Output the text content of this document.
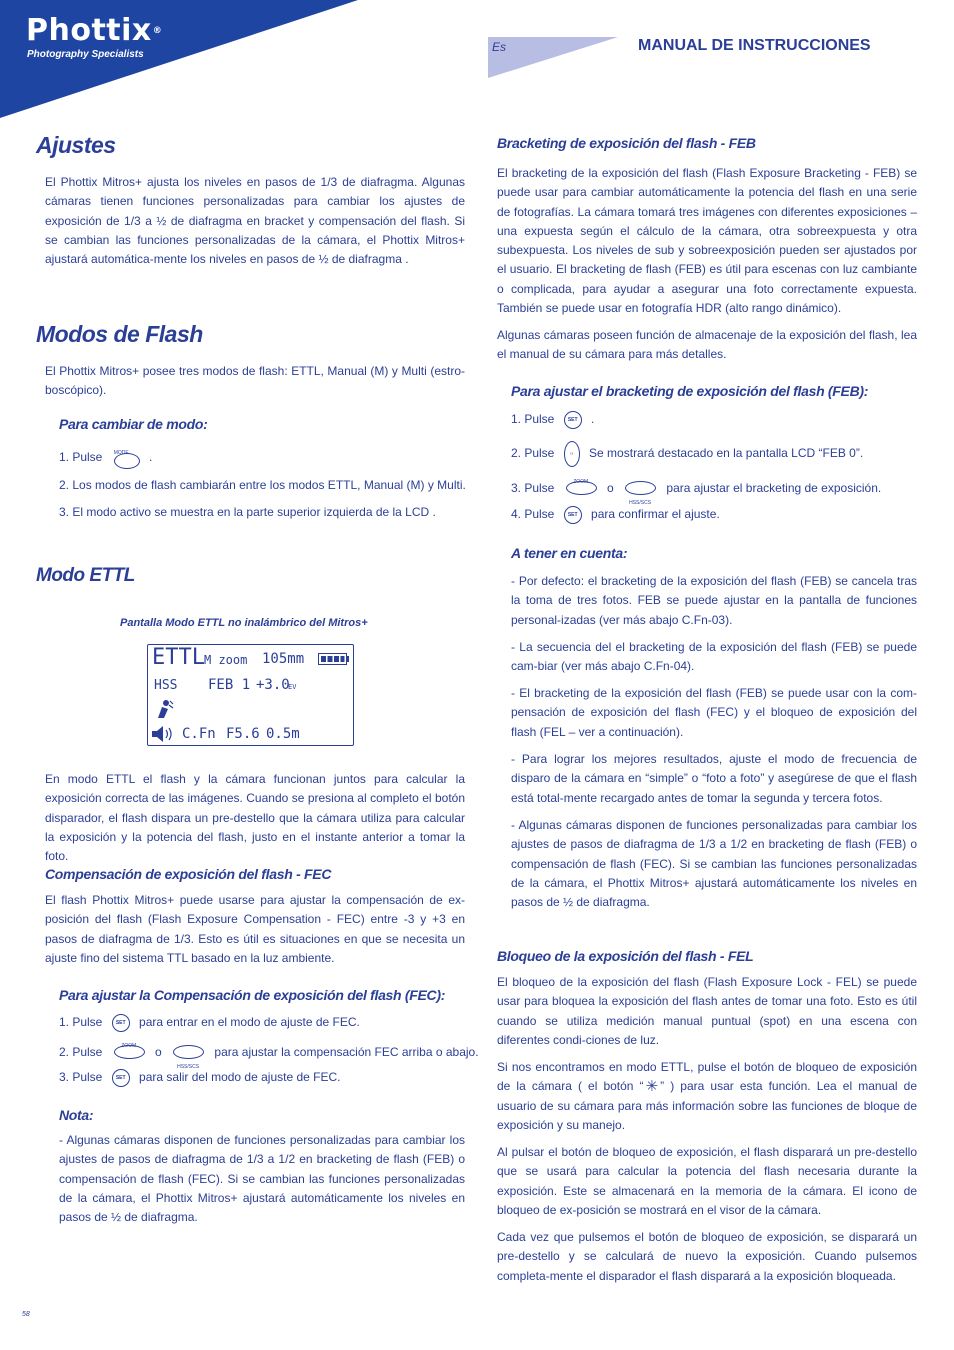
Phottix®
Photography Specialists
Es	MANUAL DE INSTRUCCIONES
Ajustes
El Phottix Mitros+ ajusta los niveles en pasos de 1/3 de diafragma. Algunas cámaras tienen funciones personalizadas para cambiar los ajustes de exposición de 1/3 a ½ de diafragma en bracket y compensación del flash. Si se cambian las funciones personalizadas de la cámara, el Phottix Mitros+ ajustará automática-mente los niveles en pasos de ½ de diafragma .
Modos de Flash
El Phottix Mitros+ posee tres modos de flash: ETTL, Manual (M) y Multi (estro-boscópico).
Para cambiar de modo:
1. Pulse MODE .
2. Los modos de flash cambiarán entre los modos ETTL, Manual (M) y Multi.
3. El modo activo se muestra en la parte superior izquierda de la LCD .
Modo ETTL
Pantalla Modo ETTL no inalámbrico del Mitros+
ETTL M zoom 105mm
HSS FEB 1 +3.0
EV
C.Fn F5.6 0.5m
En modo ETTL el flash y la cámara funcionan juntos para calcular la exposición correcta de las imágenes. Cuando se presiona al completo el botón disparador, el flash dispara un pre-destello que la cámara utiliza para calcular la exposición y la potencia del flash, justo en el instante anterior a tomar la foto.
Compensación de exposición del flash - FEC
El flash Phottix Mitros+ puede usarse para ajustar la compensación de ex-posición del flash (Flash Exposure Compensation - FEC) entre -3 y +3 en pasos de diafragma de 1/3. Esto es útil es situaciones en que se necesita un ajuste fino del sistema TTL basado en la luz ambiente.
Para ajustar la Compensación de exposición del flash (FEC):
1. Pulse	SET para entrar en el modo de ajuste de FEC.
2. Pulse	ZOOM	o
HSS/SCS
para ajustar la compensación FEC arriba o abajo.
3. Pulse	SET para salir del modo de ajuste de FEC.
Nota:
- Algunas cámaras disponen de funciones personalizadas para cambiar los ajustes de pasos de diafragma de 1/3 a 1/2 en bracketing de flash (FEB) o compensación de flash (FEC). Si se cambian las funciones personalizadas de la cámara, el Phottix Mitros+ ajustará automáticamente los niveles en pasos de ½ de diafragma.
Bracketing de exposición del flash - FEB
El bracketing de la exposición del flash (Flash Exposure Bracketing - FEB) se puede usar para cambiar automáticamente la potencia del flash en una serie de fotografías. La cámara tomará tres imágenes con diferentes exposiciones – una expuesta según el cálculo de la cámara, otra sobreexpuesta y otra subexpuesta. Los niveles de sub y sobreexposición pueden ser ajustados por el usuario. El bracketing de flash (FEB) es útil para escenas con luz cambiante o complicada, para ayudar a asegurar una foto correctamente expuesta. También se puede usar en fotografía HDR (alto rango dinámico).
Algunas cámaras poseen función de almacenaje de la exposición del flash, lea el manual de su cámara para más detalles.
Para ajustar el bracketing de exposición del flash (FEB):
1. Pulse	SET .
2. Pulse	‹› Se mostrará destacado en la pantalla LCD “FEB 0”.
3. Pulse	ZOOM	o
HSS/SCS
para ajustar el bracketing de exposición.
4. Pulse	SET para confirmar el ajuste.
A tener en cuenta:
- Por defecto: el bracketing de la exposición del flash (FEB) se cancela tras la toma de tres fotos. FEB se puede ajustar en la pantalla de funciones personal-izadas (ver más abajo C.Fn-03).
- La secuencia del el bracketing de la exposición del flash (FEB) se puede cam-biar (ver más abajo C.Fn-04).
- El bracketing de la exposición del flash (FEB) se puede usar con la com-pensación de exposición del flash (FEC) y el bloqueo de exposición del flash (FEL – ver a continuación).
- Para lograr los mejores resultados, ajuste el modo de frecuencia de disparo de la cámara en “simple” o “foto a foto” y asegúrese de que el flash está total-mente recargado antes de tomar la segunda y tercera fotos.
- Algunas cámaras disponen de funciones personalizadas para cambiar los ajustes de pasos de diafragma de 1/3 a 1/2 en bracketing de flash (FEB) o compensación de flash (FEC). Si se cambian las funciones personalizadas de la cámara, el Phottix Mitros+ ajustará automáticamente los niveles en pasos de ½ de diafragma.
Bloqueo de la exposición del flash - FEL
El bloqueo de la exposición del flash (Flash Exposure Lock - FEL) se puede usar para bloquea la exposición del flash antes de tomar una foto. Esto es útil cuando se utiliza medición manual puntual (spot) en una escena con diferentes condi-ciones de luz.
Si nos encontramos en modo ETTL, pulse el botón de bloqueo de exposición de la cámara ( el botón “ ✳ ” ) para usar esta función. Lea el manual de usuario de su cámara para más información sobre las funciones de bloque de exposición y su manejo.
Al pulsar el botón de bloqueo de exposición, el flash disparará un pre-destello que se usará para calcular la potencia del flash necesaria durante la exposición. Este se almacenará en la memoria de la cámara. El icono de bloqueo de ex-posición se mostrará en el visor de la cámara.
Cada vez que pulsemos el botón de bloqueo de exposición, se disparará un pre-destello y se calculará de nuevo la exposición. Cuando pulsemos completa-mente el disparador el flash disparará a la exposición bloqueada.
58
